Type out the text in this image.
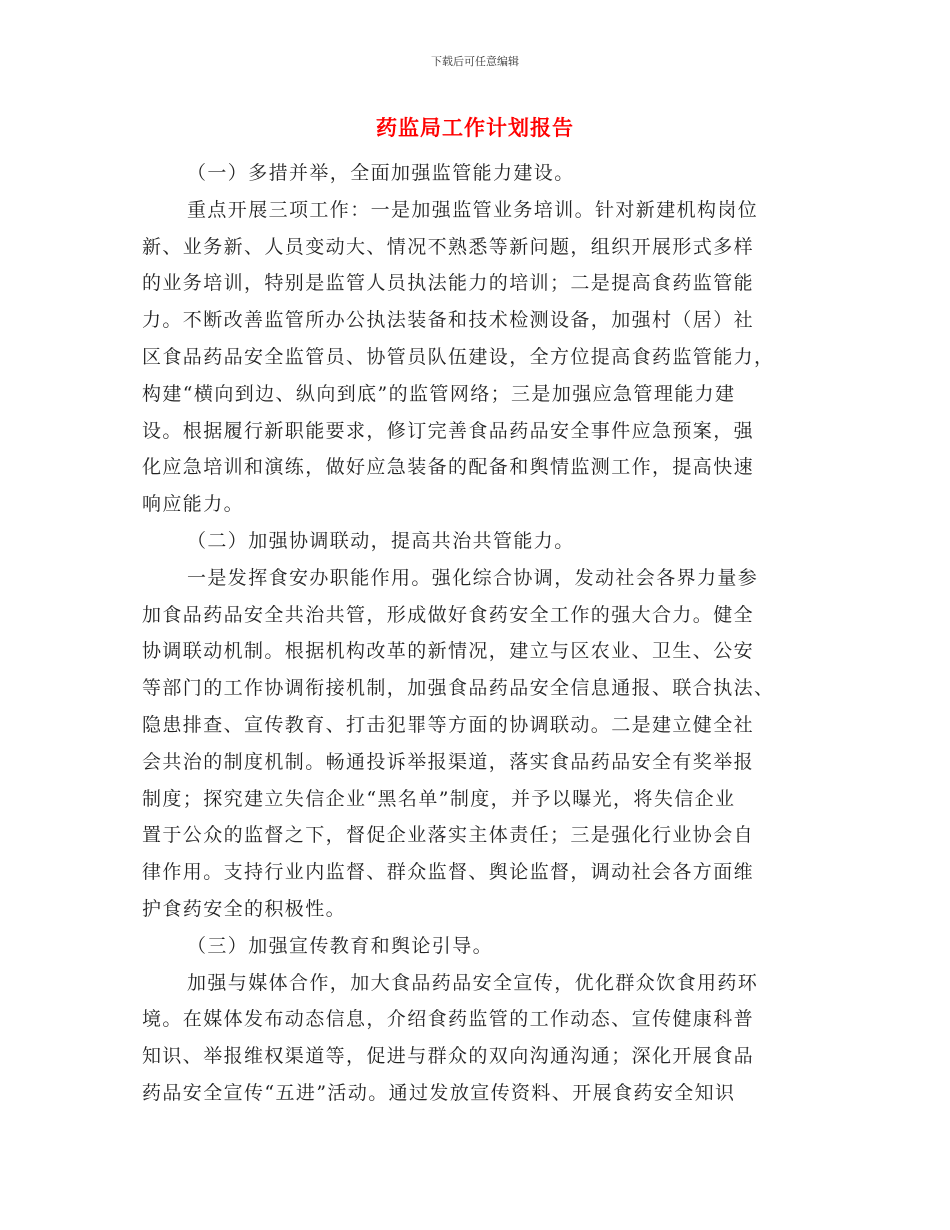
下载后可任意编辑
药监局工作计划报告
（一）多措并举，全面加强监管能力建设。
重点开展三项工作：一是加强监管业务培训。针对新建机构岗位
新、业务新、人员变动大、情况不熟悉等新问题，组织开展形式多样
的业务培训，特别是监管人员执法能力的培训；二是提高食药监管能
力。不断改善监管所办公执法装备和技术检测设备，加强村（居）社
区食品药品安全监管员、协管员队伍建设，全方位提高食药监管能力，
构建“横向到边、纵向到底”的监管网络；三是加强应急管理能力建
设。根据履行新职能要求，修订完善食品药品安全事件应急预案，强
化应急培训和演练，做好应急装备的配备和舆情监测工作，提高快速
响应能力。
（二）加强协调联动，提高共治共管能力。
一是发挥食安办职能作用。强化综合协调，发动社会各界力量参
加食品药品安全共治共管，形成做好食药安全工作的强大合力。健全
协调联动机制。根据机构改革的新情况，建立与区农业、卫生、公安
等部门的工作协调衔接机制，加强食品药品安全信息通报、联合执法、
隐患排查、宣传教育、打击犯罪等方面的协调联动。二是建立健全社
会共治的制度机制。畅通投诉举报渠道，落实食品药品安全有奖举报
制度；探究建立失信企业“黑名单”制度，并予以曝光，将失信企业
置于公众的监督之下，督促企业落实主体责任；三是强化行业协会自
律作用。支持行业内监督、群众监督、舆论监督，调动社会各方面维
护食药安全的积极性。
（三）加强宣传教育和舆论引导。
加强与媒体合作，加大食品药品安全宣传，优化群众饮食用药环
境。在媒体发布动态信息，介绍食药监管的工作动态、宣传健康科普
知识、举报维权渠道等，促进与群众的双向沟通沟通；深化开展食品
药品安全宣传“五进”活动。通过发放宣传资料、开展食药安全知识
